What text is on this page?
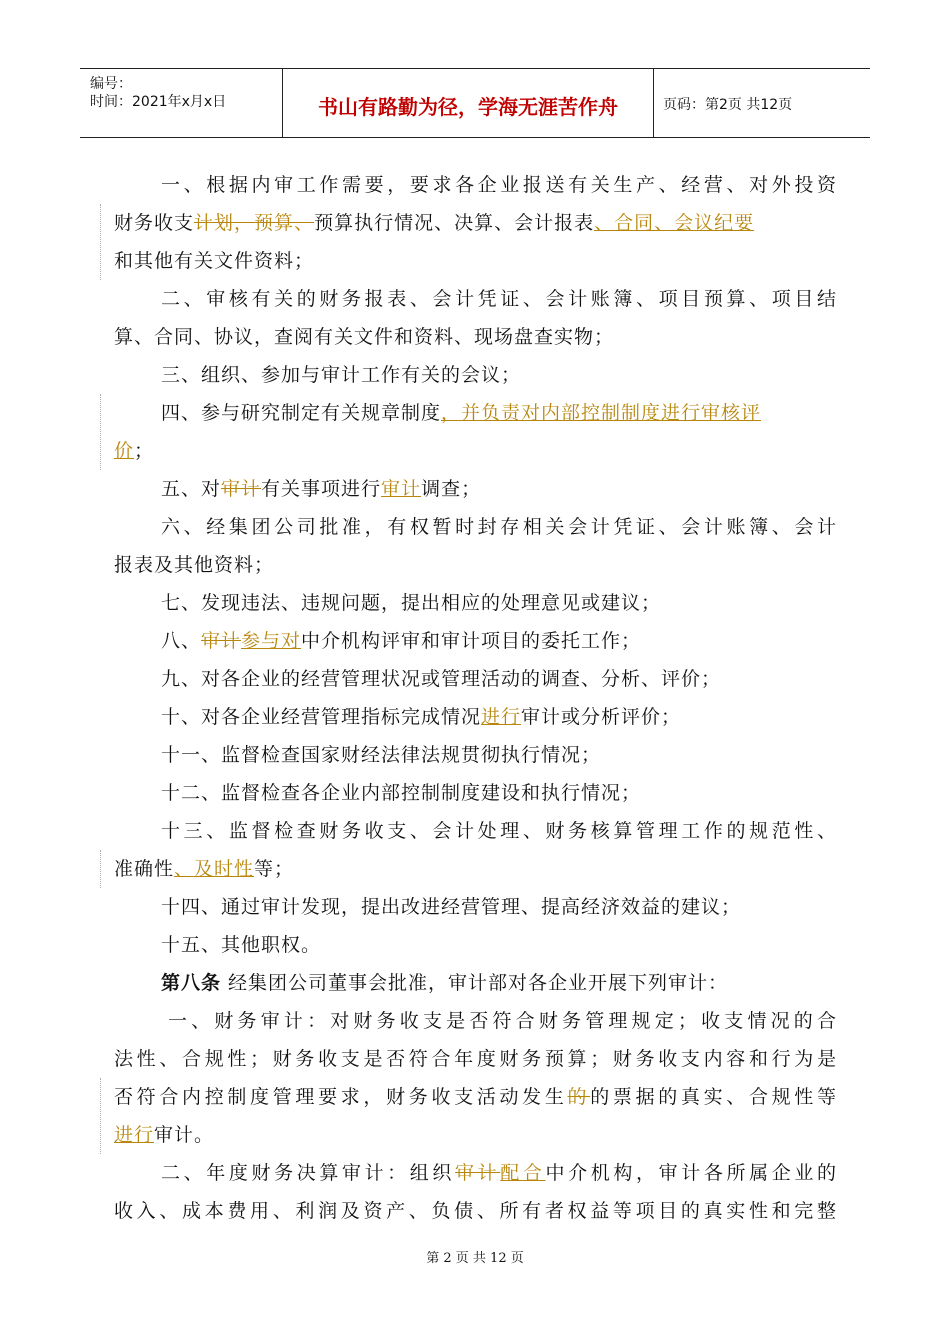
编号：
时间：2021年x月x日	书山有路勤为径，学海无涯苦作舟	页码：第2页 共12页
一、根据内审工作需要，要求各企业报送有关生产、经营、对外投资
财务收支计划，预算、预算执行情况、决算、会计报表、合同、会议纪要
和其他有关文件资料；
二、审核有关的财务报表、会计凭证、会计账簿、项目预算、项目结
算、合同、协议，查阅有关文件和资料、现场盘查实物；
三、组织、参加与审计工作有关的会议；
四、参与研究制定有关规章制度，并负责对内部控制制度进行审核评
价；
五、对审计有关事项进行审计调查；
六、经集团公司批准，有权暂时封存相关会计凭证、会计账簿、会计
报表及其他资料；
七、发现违法、违规问题，提出相应的处理意见或建议；
八、审计参与对中介机构评审和审计项目的委托工作；
九、对各企业的经营管理状况或管理活动的调查、分析、评价；
十、对各企业经营管理指标完成情况进行审计或分析评价；
十一、监督检查国家财经法律法规贯彻执行情况；
十二、监督检查各企业内部控制制度建设和执行情况；
十三、监督检查财务收支、会计处理、财务核算管理工作的规范性、
准确性、及时性等；
十四、通过审计发现，提出改进经营管理、提高经济效益的建议；
十五、其他职权。
第八条 经集团公司董事会批准，审计部对各企业开展下列审计：
一、财务审计：对财务收支是否符合财务管理规定；收支情况的合
法性、合规性；财务收支是否符合年度财务预算；财务收支内容和行为是
否符合内控制度管理要求，财务收支活动发生的的票据的真实、合规性等
进行审计。
二、年度财务决算审计：组织审计配合中介机构，审计各所属企业的
收入、成本费用、利润及资产、负债、所有者权益等项目的真实性和完整
第 2 页 共 12 页
